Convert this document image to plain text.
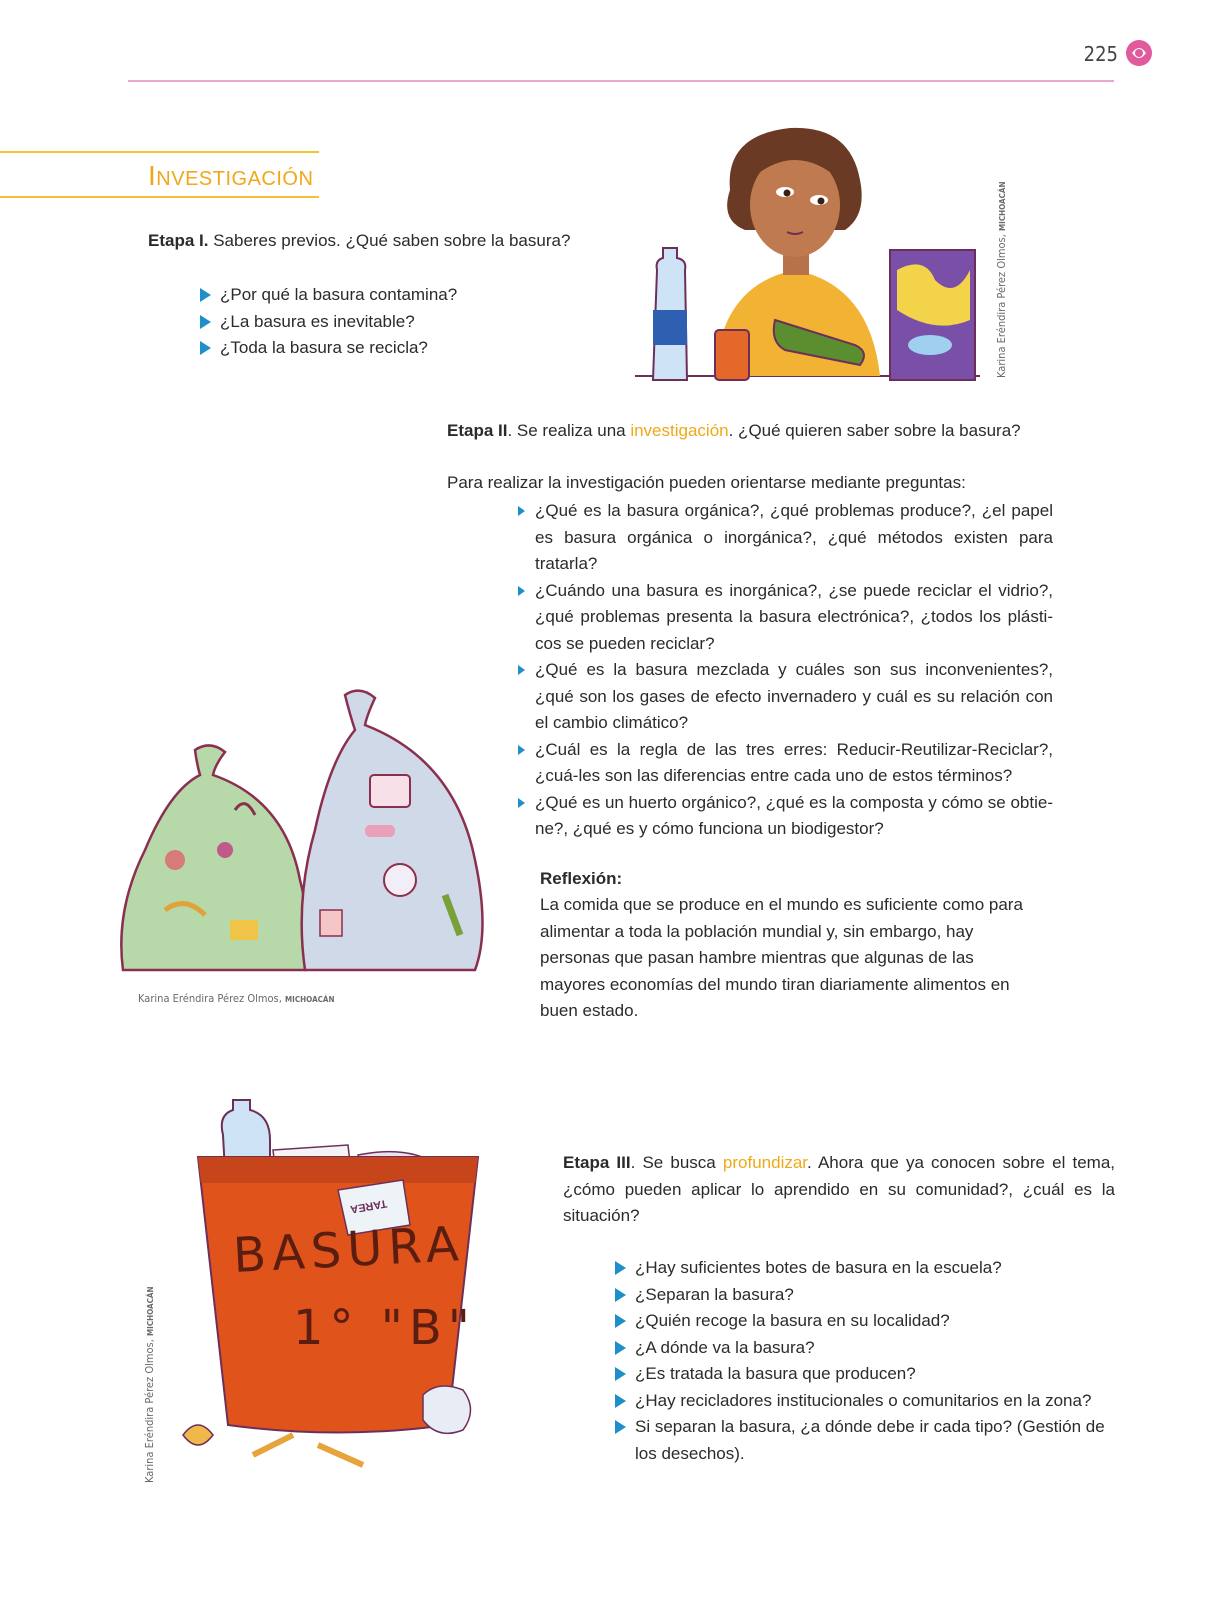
225
Investigación
Etapa I. Saberes previos. ¿Qué saben sobre la basura?
¿Por qué la basura contamina?
¿La basura es inevitable?
¿Toda la basura se recicla?	Karina Eréndira Pérez Olmos, MICHOACÁN
Etapa II. Se realiza una investigación. ¿Qué quieren saber sobre la basura?
Para realizar la investigación pueden orientarse mediante preguntas:
¿Qué es la basura orgánica?, ¿qué problemas produce?, ¿el papel es basura orgánica o inorgánica?, ¿qué métodos existen para tratarla?
¿Cuándo una basura es inorgánica?, ¿se puede reciclar el vidrio?, ¿qué problemas presenta la basura electrónica?, ¿todos los plásti-cos se pueden reciclar?
¿Qué es la basura mezclada y cuáles son sus inconvenientes?, ¿qué son los gases de efecto invernadero y cuál es su relación con el cambio climático?
¿Cuál es la regla de las tres erres: Reducir-Reutilizar-Reciclar?, ¿cuá-les son las diferencias entre cada uno de estos términos?
¿Qué es un huerto orgánico?, ¿qué es la composta y cómo se obtie-ne?, ¿qué es y cómo funciona un biodigestor?
Karina Eréndira Pérez Olmos, MICHOACÁN
Reflexión:
La comida que se produce en el mundo es suficiente como para alimentar a toda la población mundial y, sin embargo, hay personas que pasan hambre mientras que algunas de las mayores economías del mundo tiran diariamente alimentos en buen estado.
BASURA
1° "B"
TAREA
Karina Eréndira Pérez Olmos, MICHOACÁN
Etapa III. Se busca profundizar. Ahora que ya conocen sobre el tema, ¿cómo pueden aplicar lo aprendido en su comunidad?, ¿cuál es la situación?
¿Hay suficientes botes de basura en la escuela?
¿Separan la basura?
¿Quién recoge la basura en su localidad?
¿A dónde va la basura?
¿Es tratada la basura que producen?
¿Hay recicladores institucionales o comunitarios en la zona?
Si separan la basura, ¿a dónde debe ir cada tipo? (Gestión de los desechos).
